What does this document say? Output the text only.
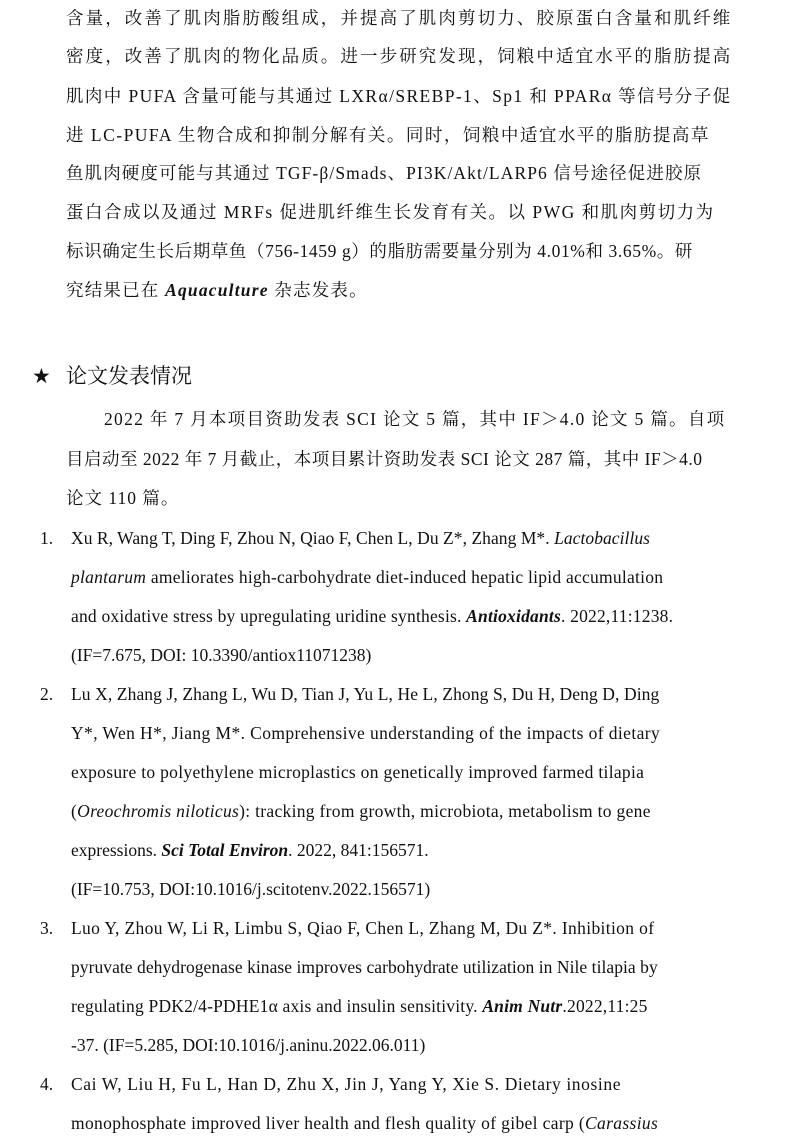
含量，改善了肌肉脂肪酸组成，并提高了肌肉剪切力、胶原蛋白含量和肌纤维
密度，改善了肌肉的物化品质。进一步研究发现，饲粮中适宜水平的脂肪提高
肌肉中 PUFA 含量可能与其通过 LXRα/SREBP-1、Sp1 和 PPARα 等信号分子促
进 LC-PUFA 生物合成和抑制分解有关。同时，饲粮中适宜水平的脂肪提高草
鱼肌肉硬度可能与其通过 TGF-β/Smads、PI3K/Akt/LARP6 信号途径促进胶原
蛋白合成以及通过 MRFs 促进肌纤维生长发育有关。以 PWG 和肌肉剪切力为
标识确定生长后期草鱼（756-1459 g）的脂肪需要量分别为 4.01%和 3.65%。研
究结果已在 Aquaculture 杂志发表。
★ 论文发表情况
2022 年 7 月本项目资助发表 SCI 论文 5 篇，其中 IF＞4.0 论文 5 篇。自项
目启动至 2022 年 7 月截止，本项目累计资助发表 SCI 论文 287 篇，其中 IF＞4.0
论文 110 篇。
1. Xu R, Wang T, Ding F, Zhou N, Qiao F, Chen L, Du Z*, Zhang M*. Lactobacillus
plantarum ameliorates high-carbohydrate diet-induced hepatic lipid accumulation
and oxidative stress by upregulating uridine synthesis. Antioxidants. 2022,11:1238.
(IF=7.675, DOI: 10.3390/antiox11071238)
2. Lu X, Zhang J, Zhang L, Wu D, Tian J, Yu L, He L, Zhong S, Du H, Deng D, Ding
Y*, Wen H*, Jiang M*. Comprehensive understanding of the impacts of dietary
exposure to polyethylene microplastics on genetically improved farmed tilapia
(Oreochromis niloticus): tracking from growth, microbiota, metabolism to gene
expressions. Sci Total Environ. 2022, 841:156571.
(IF=10.753, DOI:10.1016/j.scitotenv.2022.156571)
3. Luo Y, Zhou W, Li R, Limbu S, Qiao F, Chen L, Zhang M, Du Z*. Inhibition of
pyruvate dehydrogenase kinase improves carbohydrate utilization in Nile tilapia by
regulating PDK2/4-PDHE1α axis and insulin sensitivity. Anim Nutr.2022,11:25
-37. (IF=5.285, DOI:10.1016/j.aninu.2022.06.011)
4. Cai W, Liu H, Fu L, Han D, Zhu X, Jin J, Yang Y, Xie S. Dietary inosine
monophosphate improved liver health and flesh quality of gibel carp (Carassius
